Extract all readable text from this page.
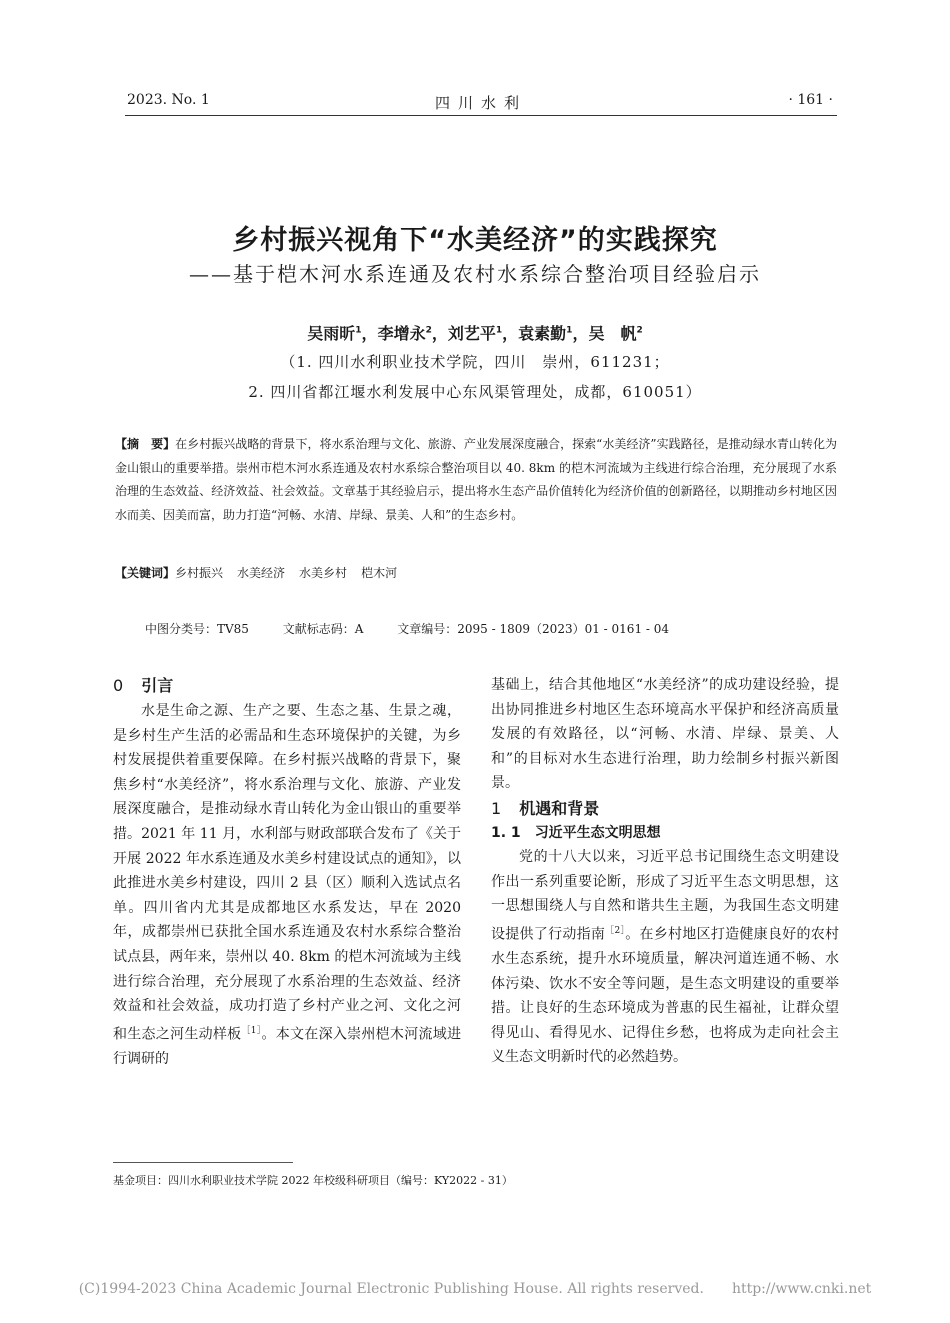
2023. No. 1	四川水利	· 161 ·
乡村振兴视角下“水美经济”的实践探究
——基于桤木河水系连通及农村水系综合整治项目经验启示
吴雨昕$^1$，李增永$^2$，刘艺平$^1$，袁素勤$^1$，吴　帆$^2$
（1. 四川水利职业技术学院，四川　崇州，611231；
2. 四川省都江堰水利发展中心东风渠管理处，成都，610051）
【摘　要】在乡村振兴战略的背景下，将水系治理与文化、旅游、产业发展深度融合，探索“水美经济”实践路径，是推动绿水青山转化为金山银山的重要举措。崇州市桤木河水系连通及农村水系综合整治项目以 40. 8km 的桤木河流域为主线进行综合治理，充分展现了水系治理的生态效益、经济效益、社会效益。文章基于其经验启示，提出将水生态产品价值转化为经济价值的创新路径，以期推动乡村地区因水而美、因美而富，助力打造“河畅、水清、岸绿、景美、人和”的生态乡村。
【关键词】乡村振兴 水美经济 水美乡村 桤木河
中图分类号：TV85	文献标志码：A	文章编号：2095 - 1809（2023）01 - 0161 - 04
0 引言

水是生命之源、生产之要、生态之基、生景之魂，是乡村生产生活的必需品和生态环境保护的关键，为乡村发展提供着重要保障。在乡村振兴战略的背景下，聚焦乡村“水美经济”，将水系治理与文化、旅游、产业发展深度融合，是推动绿水青山转化为金山银山的重要举措。2021 年 11 月，水利部与财政部联合发布了《关于开展 2022 年水系连通及水美乡村建设试点的通知》，以此推进水美乡村建设，四川 2 县（区）顺利入选试点名单。四川省内尤其是成都地区水系发达，早在 2020 年，成都崇州已获批全国水系连通及农村水系综合整治试点县，两年来，崇州以 40. 8km 的桤木河流域为主线进行综合治理，充分展现了水系治理的生态效益、经济效益和社会效益，成功打造了乡村产业之河、文化之河和生态之河生动样板$^{[1]}$。本文在深入崇州桤木河流域进行调研的

基础上，结合其他地区“水美经济”的成功建设经验，提出协同推进乡村地区生态环境高水平保护和经济高质量发展的有效路径，以“河畅、水清、岸绿、景美、人和”的目标对水生态进行治理，助力绘制乡村振兴新图景。

1 机遇和背景
1. 1 习近平生态文明思想

党的十八大以来，习近平总书记围绕生态文明建设作出一系列重要论断，形成了习近平生态文明思想，这一思想围绕人与自然和谐共生主题，为我国生态文明建设提供了行动指南$^{[2]}$。在乡村地区打造健康良好的农村水生态系统，提升水环境质量，解决河道连通不畅、水体污染、饮水不安全等问题，是生态文明建设的重要举措。让良好的生态环境成为普惠的民生福祉，让群众望得见山、看得见水、记得住乡愁，也将成为走向社会主义生态文明新时代的必然趋势。

基金项目：四川水利职业技术学院 2022 年校级科研项目（编号：KY2022 - 31）
(C)1994-2023 China Academic Journal Electronic Publishing House. All rights reserved.　　http://www.cnki.net
